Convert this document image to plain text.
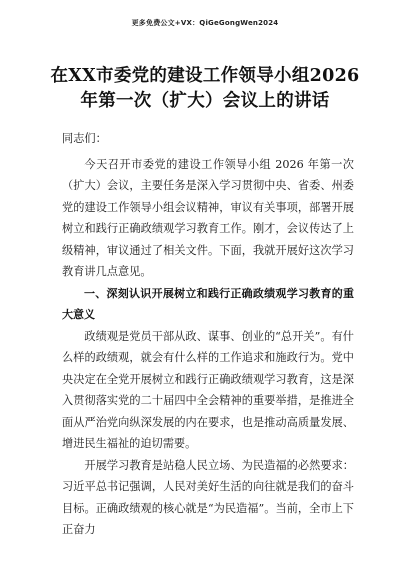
更多免费公文+VX：QiGeGongWen2024
在XX市委党的建设工作领导小组2026
年第一次（扩大）会议上的讲话

同志们：

今天召开市委党的建设工作领导小组 2026 年第一次（扩大）会议，主要任务是深入学习贯彻中央、省委、州委党的建设工作领导小组会议精神，审议有关事项，部署开展树立和践行正确政绩观学习教育工作。刚才，会议传达了上级精神，审议通过了相关文件。下面，我就开展好这次学习教育讲几点意见。

一、深刻认识开展树立和践行正确政绩观学习教育的重大意义

政绩观是党员干部从政、谋事、创业的“总开关”。有什么样的政绩观，就会有什么样的工作追求和施政行为。党中央决定在全党开展树立和践行正确政绩观学习教育，这是深入贯彻落实党的二十届四中全会精神的重要举措，是推进全面从严治党向纵深发展的内在要求，也是推动高质量发展、增进民生福祉的迫切需要。

开展学习教育是站稳人民立场、为民造福的必然要求：习近平总书记强调，人民对美好生活的向往就是我们的奋斗目标。正确政绩观的核心就是“为民造福”。当前，全市上下正奋力
